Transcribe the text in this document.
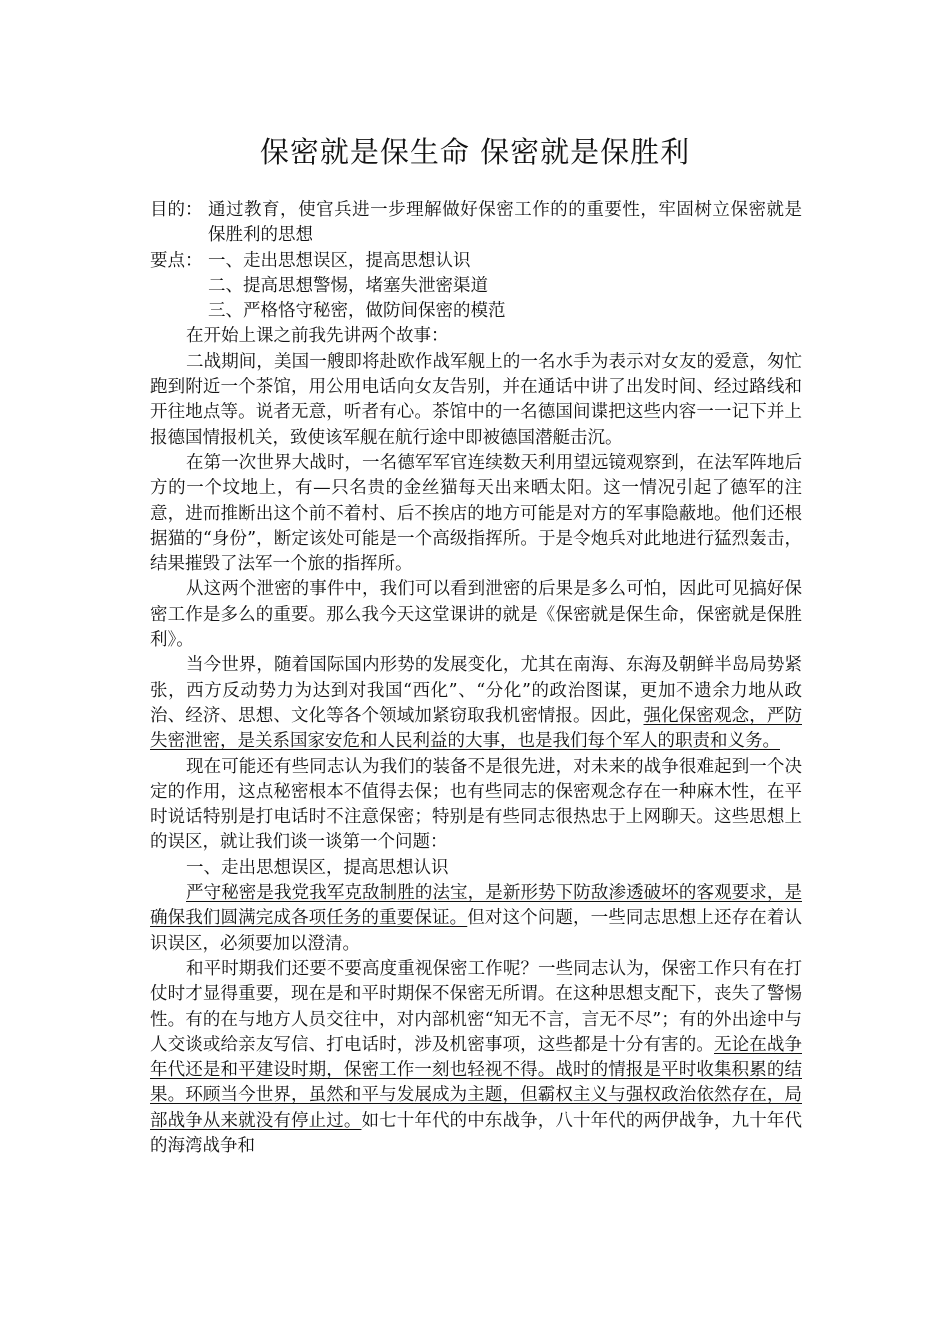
保密就是保生命 保密就是保胜利
目的： 通过教育，使官兵进一步理解做好保密工作的的重要性，牢固树立保密就是保胜利的思想
要点： 一、走出思想误区，提高思想认识

二、提高思想警惕，堵塞失泄密渠道

三、严格恪守秘密，做防间保密的模范

在开始上课之前我先讲两个故事：

二战期间，美国一艘即将赴欧作战军舰上的一名水手为表示对女友的爱意，匆忙跑到附近一个茶馆，用公用电话向女友告别，并在通话中讲了出发时间、经过路线和开往地点等。说者无意，听者有心。茶馆中的一名德国间谍把这些内容一一记下并上报德国情报机关，致使该军舰在航行途中即被德国潜艇击沉。

在第一次世界大战时，一名德军军官连续数天利用望远镜观察到，在法军阵地后方的一个坟地上，有—只名贵的金丝猫每天出来晒太阳。这一情况引起了德军的注意，进而推断出这个前不着村、后不挨店的地方可能是对方的军事隐蔽地。他们还根据猫的“身份”，断定该处可能是一个高级指挥所。于是令炮兵对此地进行猛烈轰击，结果摧毁了法军一个旅的指挥所。

从这两个泄密的事件中，我们可以看到泄密的后果是多么可怕，因此可见搞好保密工作是多么的重要。那么我今天这堂课讲的就是《保密就是保生命，保密就是保胜利》。

当今世界，随着国际国内形势的发展变化，尤其在南海、东海及朝鲜半岛局势紧张，西方反动势力为达到对我国“西化”、“分化”的政治图谋，更加不遗余力地从政治、经济、思想、文化等各个领域加紧窃取我机密情报。因此，强化保密观念，严防失密泄密，是关系国家安危和人民利益的大事，也是我们每个军人的职责和义务。

现在可能还有些同志认为我们的装备不是很先进，对未来的战争很难起到一个决定的作用，这点秘密根本不值得去保；也有些同志的保密观念存在一种麻木性，在平时说话特别是打电话时不注意保密；特别是有些同志很热忠于上网聊天。这些思想上的误区，就让我们谈一谈第一个问题：

一、走出思想误区，提高思想认识

严守秘密是我党我军克敌制胜的法宝，是新形势下防敌渗透破坏的客观要求，是确保我们圆满完成各项任务的重要保证。但对这个问题，一些同志思想上还存在着认识误区，必须要加以澄清。

和平时期我们还要不要高度重视保密工作呢？一些同志认为，保密工作只有在打仗时才显得重要，现在是和平时期保不保密无所谓。在这种思想支配下，丧失了警惕性。有的在与地方人员交往中，对内部机密“知无不言，言无不尽”；有的外出途中与人交谈或给亲友写信、打电话时，涉及机密事项，这些都是十分有害的。无论在战争年代还是和平建设时期，保密工作一刻也轻视不得。战时的情报是平时收集积累的结果。环顾当今世界，虽然和平与发展成为主题，但霸权主义与强权政治依然存在，局部战争从来就没有停止过。如七十年代的中东战争，八十年代的两伊战争，九十年代的海湾战争和
